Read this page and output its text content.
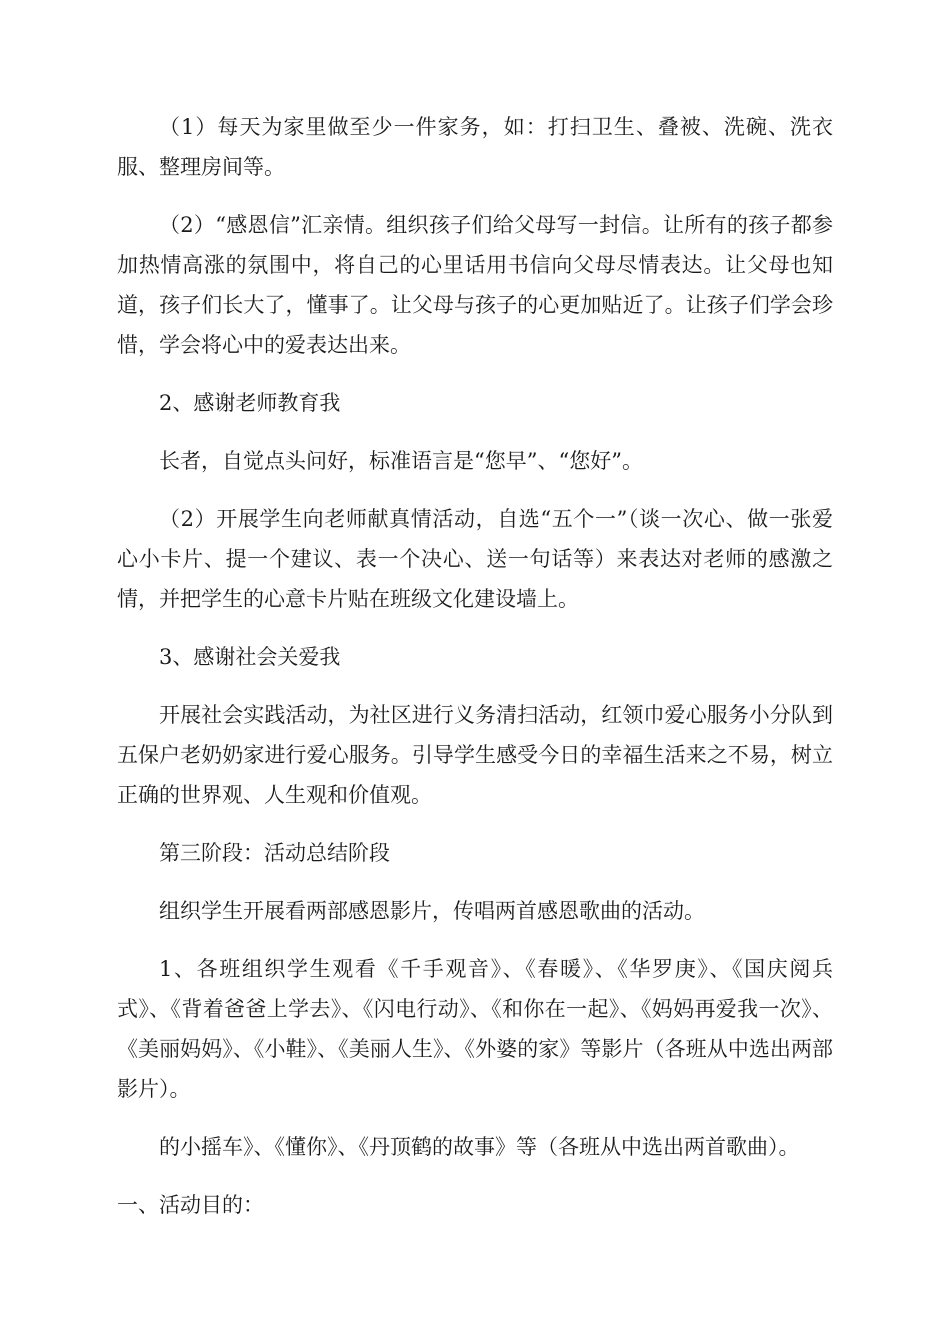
（1）每天为家里做至少一件家务，如：打扫卫生、叠被、洗碗、洗衣服、整理房间等。

（2）“感恩信”汇亲情。组织孩子们给父母写一封信。让所有的孩子都参加热情高涨的氛围中，将自己的心里话用书信向父母尽情表达。让父母也知道，孩子们长大了，懂事了。让父母与孩子的心更加贴近了。让孩子们学会珍惜，学会将心中的爱表达出来。

2、感谢老师教育我

长者，自觉点头问好，标准语言是“您早”、“您好”。

（2）开展学生向老师献真情活动，自选“五个一”（谈一次心、做一张爱心小卡片、提一个建议、表一个决心、送一句话等）来表达对老师的感激之情，并把学生的心意卡片贴在班级文化建设墙上。

3、感谢社会关爱我

开展社会实践活动，为社区进行义务清扫活动，红领巾爱心服务小分队到五保户老奶奶家进行爱心服务。引导学生感受今日的幸福生活来之不易，树立正确的世界观、人生观和价值观。

第三阶段：活动总结阶段

组织学生开展看两部感恩影片，传唱两首感恩歌曲的活动。

1、各班组织学生观看《千手观音》、《春暖》、《华罗庚》、《国庆阅兵式》、《背着爸爸上学去》、《闪电行动》、《和你在一起》、《妈妈再爱我一次》、《美丽妈妈》、《小鞋》、《美丽人生》、《外婆的家》等影片（各班从中选出两部影片）。

的小摇车》、《懂你》、《丹顶鹤的故事》等（各班从中选出两首歌曲）。

一、活动目的：
